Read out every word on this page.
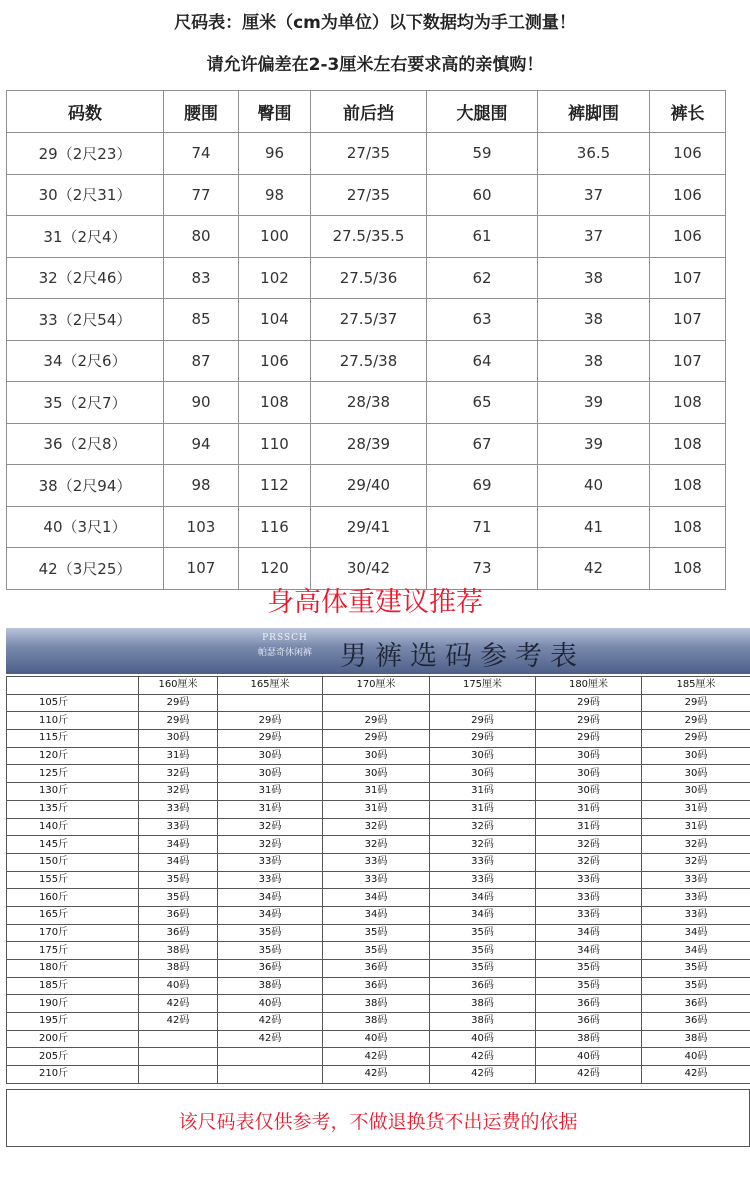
尺码表：厘米（cm为单位）以下数据均为手工测量！
请允许偏差在2-3厘米左右要求高的亲慎购！
码数	腰围	臀围	前后挡	大腿围	裤脚围	裤长
29（2尺23）	74	96	27/35	59	36.5	106
30（2尺31）	77	98	27/35	60	37	106
31（2尺4）	80	100	27.5/35.5	61	37	106
32（2尺46）	83	102	27.5/36	62	38	107
33（2尺54）	85	104	27.5/37	63	38	107
34（2尺6）	87	106	27.5/38	64	38	107
35（2尺7）	90	108	28/38	65	39	108
36（2尺8）	94	110	28/39	67	39	108
38（2尺94）	98	112	29/40	69	40	108
40（3尺1）	103	116	29/41	71	41	108
42（3尺25）	107	120	30/42	73	42	108
身高体重建议推荐
PRSSCH
帕瑟奇休闲裤 男裤选码参考表
	160厘米	165厘米	170厘米	175厘米	180厘米	185厘米
105斤	29码				29码	29码
110斤	29码	29码	29码	29码	29码	29码
115斤	30码	29码	29码	29码	29码	29码
120斤	31码	30码	30码	30码	30码	30码
125斤	32码	30码	30码	30码	30码	30码
130斤	32码	31码	31码	31码	30码	30码
135斤	33码	31码	31码	31码	31码	31码
140斤	33码	32码	32码	32码	31码	31码
145斤	34码	32码	32码	32码	32码	32码
150斤	34码	33码	33码	33码	32码	32码
155斤	35码	33码	33码	33码	33码	33码
160斤	35码	34码	34码	34码	33码	33码
165斤	36码	34码	34码	34码	33码	33码
170斤	36码	35码	35码	35码	34码	34码
175斤	38码	35码	35码	35码	34码	34码
180斤	38码	36码	36码	35码	35码	35码
185斤	40码	38码	36码	36码	35码	35码
190斤	42码	40码	38码	38码	36码	36码
195斤	42码	42码	38码	38码	36码	36码
200斤		42码	40码	40码	38码	38码
205斤			42码	42码	40码	40码
210斤			42码	42码	42码	42码
该尺码表仅供参考，不做退换货不出运费的依据
